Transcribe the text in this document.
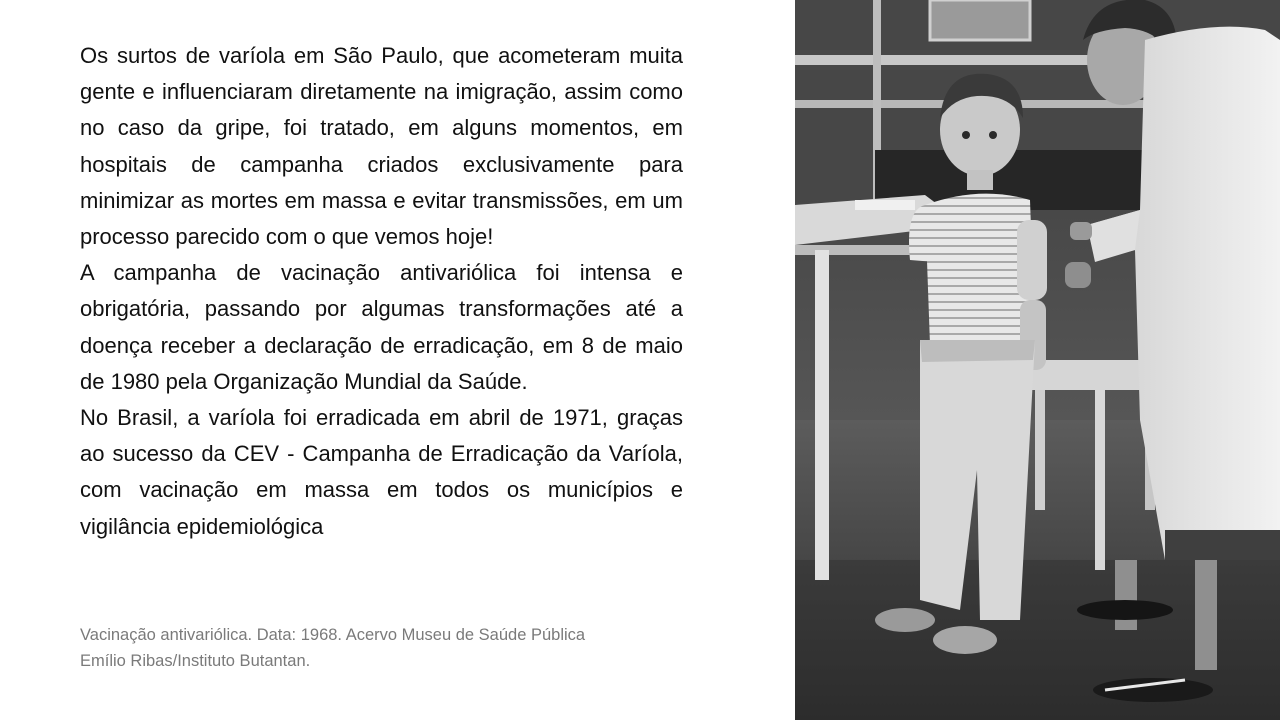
Os surtos de varíola em São Paulo, que acometeram muita gente e influenciaram diretamente na imigração, assim como no caso da gripe, foi tratado, em alguns momentos, em hospitais de campanha criados exclusivamente para minimizar as mortes em massa e evitar transmissões, em um processo parecido com o que vemos hoje!

A campanha de vacinação antivariólica foi intensa e obrigatória, passando por algumas transformações até a doença receber a declaração de erradicação, em 8 de maio de 1980 pela Organização Mundial da Saúde.

No Brasil, a varíola foi erradicada em abril de 1971, graças ao sucesso da CEV - Campanha de Erradicação da Varíola, com vacinação em massa em todos os municípios e vigilância epidemiológica

Vacinação antivariólica. Data: 1968. Acervo Museu de Saúde Pública
Emílio Ribas/Instituto Butantan.
